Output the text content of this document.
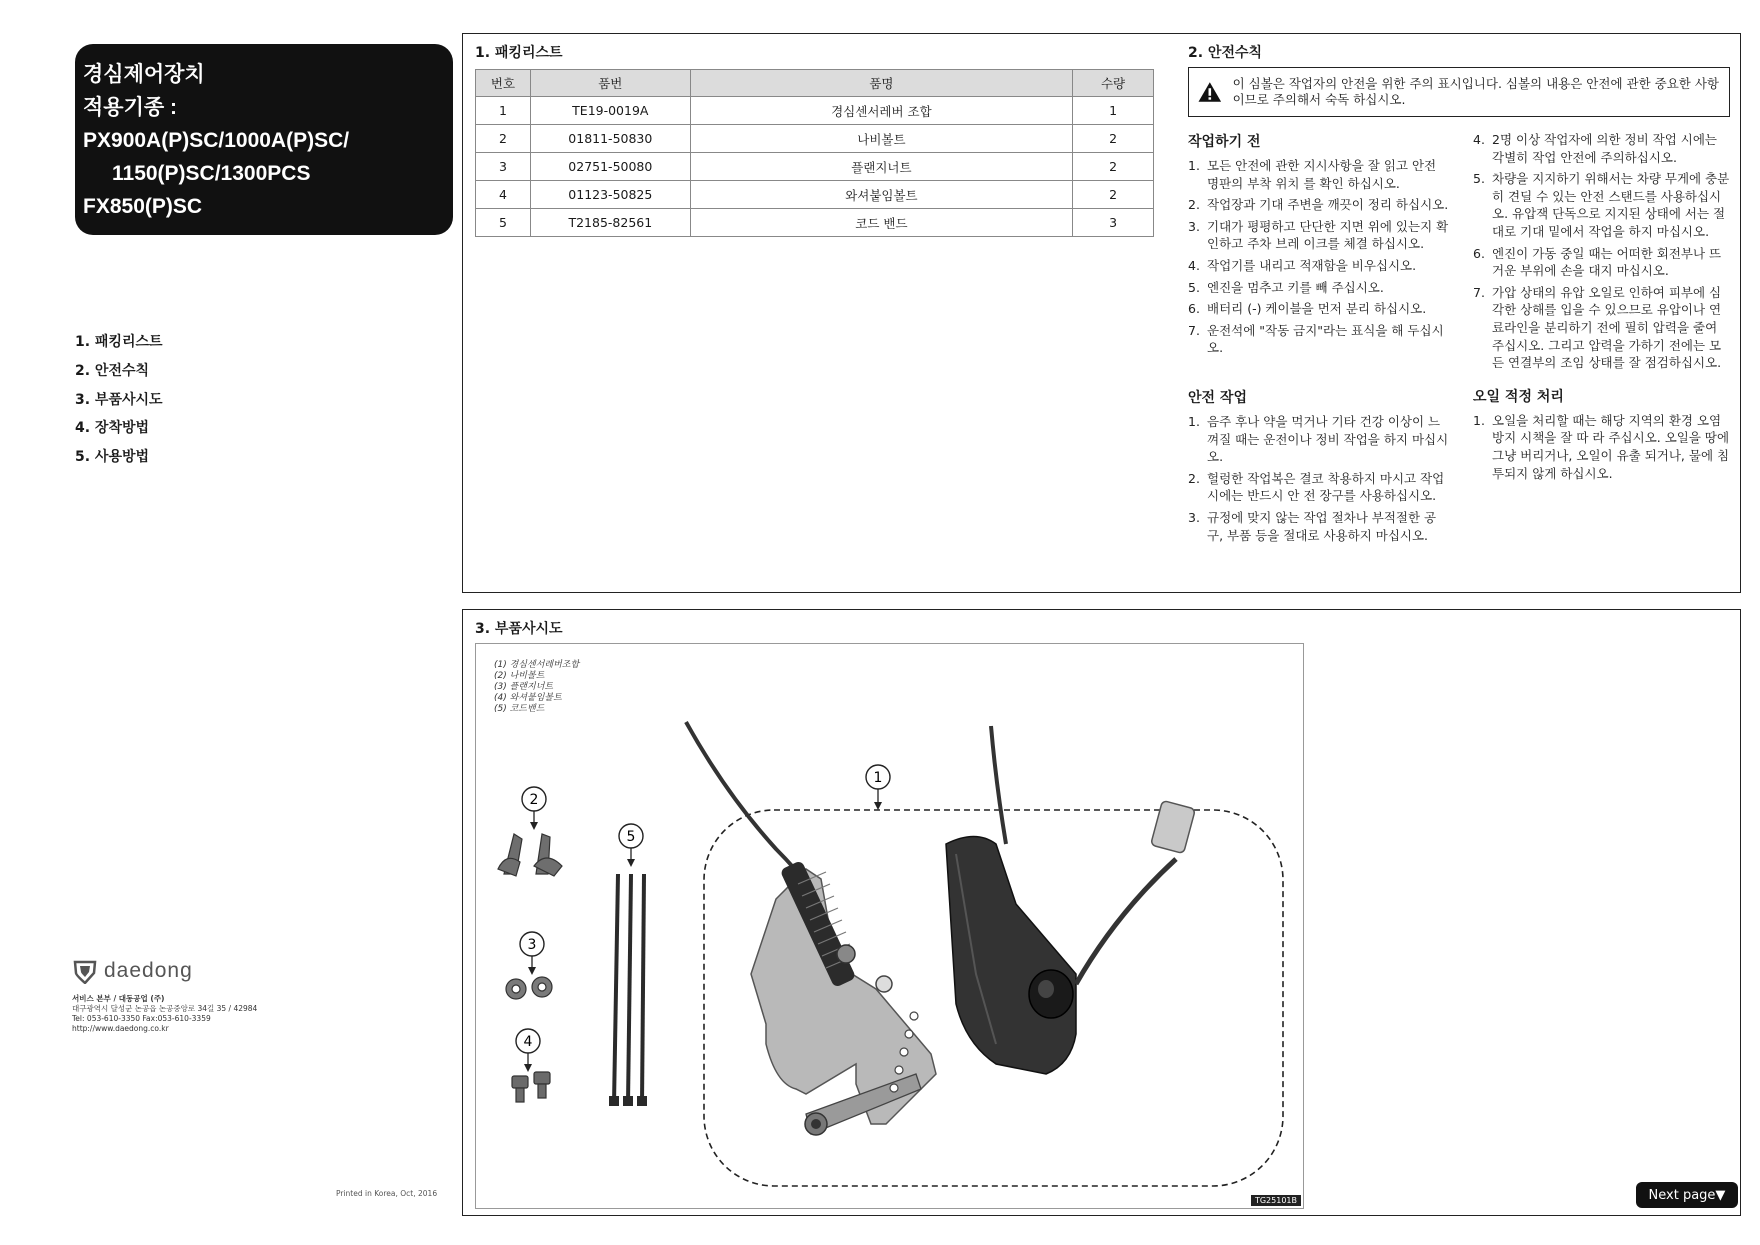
경심제어장치
적용기종 :
PX900A(P)SC/1000A(P)SC/
1150(P)SC/1300PCS
FX850(P)SC
1. 패킹리스트
2. 안전수칙
3. 부품사시도
4. 장착방법
5. 사용방법
daedong
서비스 본부 / 대동공업 (주)
대구광역시 달성군 논공읍 논공중앙로 34길 35 / 42984
Tel: 053-610-3350 Fax:053-610-3359
http://www.daedong.co.kr
Printed in Korea, Oct, 2016
1. 패킹리스트
번호	품번	품명	수량
1	TE19-0019A	경심센서레버 조합	1
2	01811-50830	나비볼트	2
3	02751-50080	플랜지너트	2
4	01123-50825	와셔붙임볼트	2
5	T2185-82561	코드 밴드	3
2. 안전수칙
이 심볼은 작업자의 안전을 위한 주의 표시입니다. 심볼의 내용은 안전에 관한 중요한 사항이므로 주의해서 숙독 하십시오.
작업하기 전
1. 모든 안전에 관한 지시사항을 잘 읽고 안전 명판의 부착 위치 를 확인 하십시오.
2. 작업장과 기대 주변을 깨끗이 정리 하십시오.
3. 기대가 평평하고 단단한 지면 위에 있는지 확인하고 주차 브레 이크를 체결 하십시오.
4. 작업기를 내리고 적재함을 비우십시오.
5. 엔진을 멈추고 키를 빼 주십시오.
6. 배터리 (-) 케이블을 먼저 분리 하십시오.
7. 운전석에 "작동 금지"라는 표식을 해 두십시오.
안전 작업
1. 음주 후나 약을 먹거나 기타 건강 이상이 느껴질 때는 운전이나 정비 작업을 하지 마십시오.
2. 헐렁한 작업복은 결코 착용하지 마시고 작업 시에는 반드시 안 전 장구를 사용하십시오.
3. 규정에 맞지 않는 작업 절차나 부적절한 공구, 부품 등을 절대로 사용하지 마십시오.
4. 2명 이상 작업자에 의한 정비 작업 시에는 각별히 작업 안전에 주의하십시오.
5. 차량을 지지하기 위해서는 차량 무게에 충분히 견딜 수 있는 안전 스탠드를 사용하십시오. 유압잭 단독으로 지지된 상태에 서는 절대로 기대 밑에서 작업을 하지 마십시오.
6. 엔진이 가동 중일 때는 어떠한 회전부나 뜨거운 부위에 손을 대지 마십시오.
7. 가압 상태의 유압 오일로 인하여 피부에 심각한 상해를 입을 수 있으므로 유압이나 연료라인을 분리하기 전에 필히 압력을 줄여 주십시오. 그리고 압력을 가하기 전에는 모든 연결부의 조임 상태를 잘 점검하십시오.
오일 적정 처리
1. 오일을 처리할 때는 해당 지역의 환경 오염 방지 시책을 잘 따 라 주십시오. 오일을 땅에 그냥 버리거나, 오일이 유출 되거나, 물에 침투되지 않게 하십시오.
3. 부품사시도
(1) 경심센서레버조합
(2) 나비볼트
(3) 플랜지너트
(4) 와셔붙임볼트
(5) 코드밴드
1
2
3
4
5
TG25101B	Next page▼
